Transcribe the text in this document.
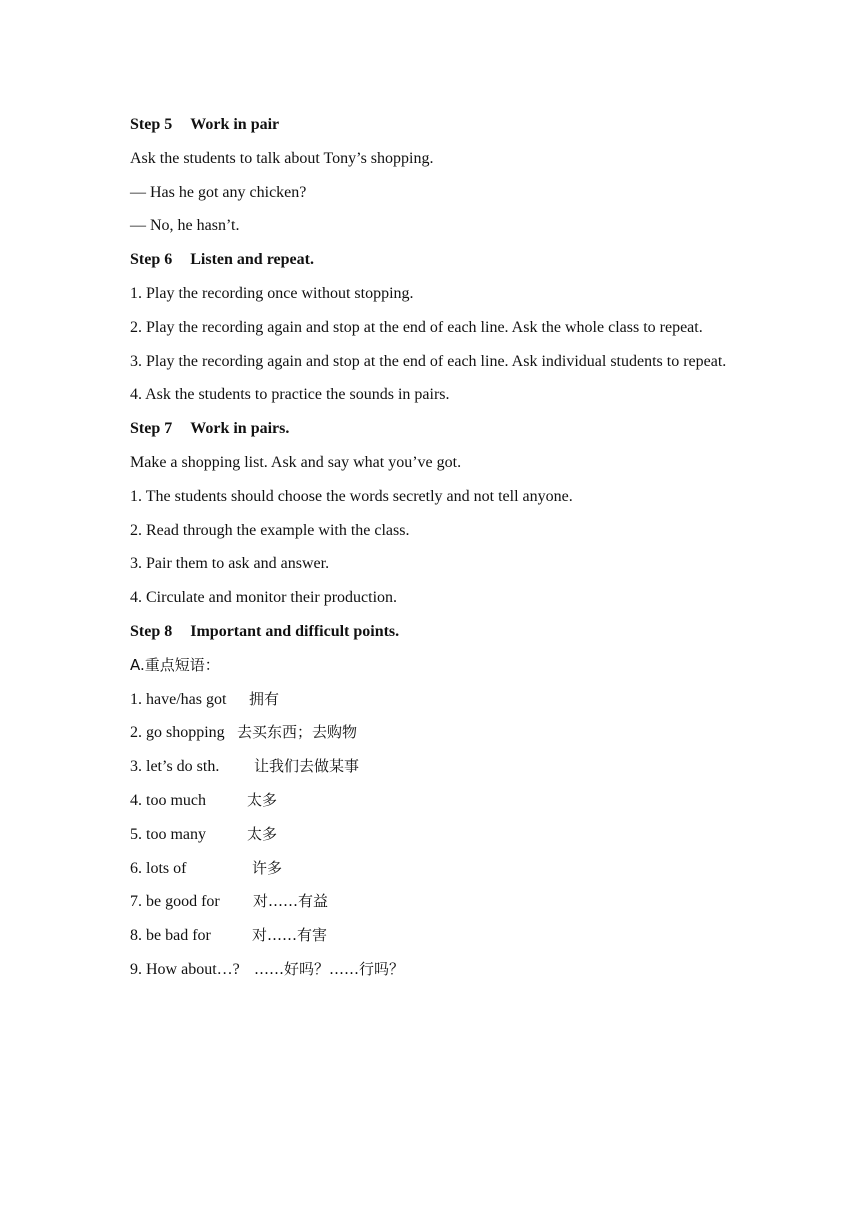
Step 5 Work in pair
Ask the students to talk about Tony’s shopping.
— Has he got any chicken?
— No, he hasn’t.
Step 6 Listen and repeat.
1. Play the recording once without stopping.
2. Play the recording again and stop at the end of each line. Ask the whole class to repeat.
3. Play the recording again and stop at the end of each line. Ask individual students to repeat.
4. Ask the students to practice the sounds in pairs.
Step 7 Work in pairs.
Make a shopping list. Ask and say what you’ve got.
1. The students should choose the words secretly and not tell anyone.
2. Read through the example with the class.
3. Pair them to ask and answer.
4. Circulate and monitor their production.
Step 8 Important and difficult points.
A.重点短语：
1. have/has got	拥有
2. go shopping 去买东西；去购物
3. let’s do sth.	让我们去做某事
4. too much	太多
5. too many	太多
6. lots of	许多
7. be good for	对……有益
8. be bad for	对……有害
9. How about…? ……好吗？……行吗？
